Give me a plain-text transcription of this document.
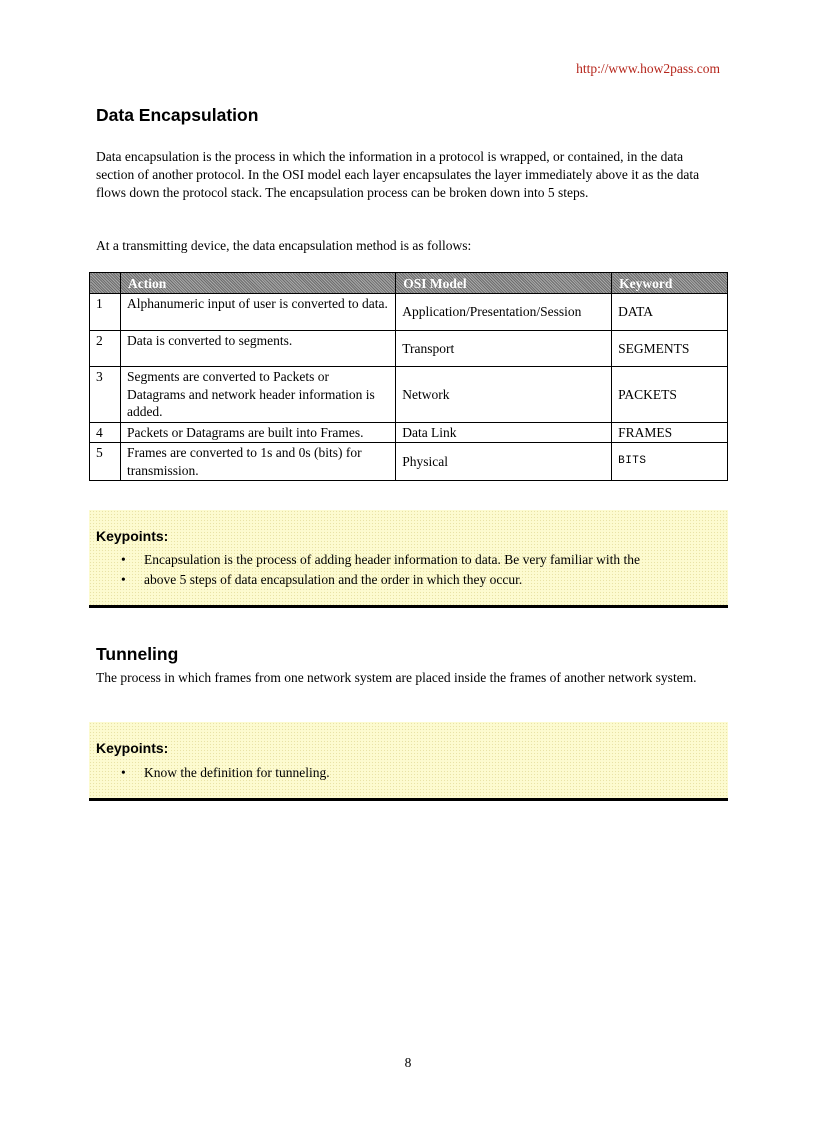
http://www.how2pass.com
Data Encapsulation

Data encapsulation is the process in which the information in a protocol is wrapped, or contained, in the data section of another protocol. In the OSI model each layer encapsulates the layer immediately above it as the data flows down the protocol stack. The encapsulation process can be broken down into 5 steps.

At a transmitting device, the data encapsulation method is as follows:

	Action	OSI Model	Keyword
1	Alphanumeric input of user is converted to data.	Application/Presentation/Session	DATA
2	Data is converted to segments.	Transport	SEGMENTS
3	Segments are converted to Packets or Datagrams and network header information is added.	Network	PACKETS
4	Packets or Datagrams are built into Frames.	Data Link	FRAMES
5	Frames are converted to 1s and 0s (bits) for transmission.	Physical	BITS
Keypoints:
• Encapsulation is the process of adding header information to data. Be very familiar with the
• above 5 steps of data encapsulation and the order in which they occur.
Tunneling

The process in which frames from one network system are placed inside the frames of another network system.

Keypoints:
• Know the definition for tunneling.
8
